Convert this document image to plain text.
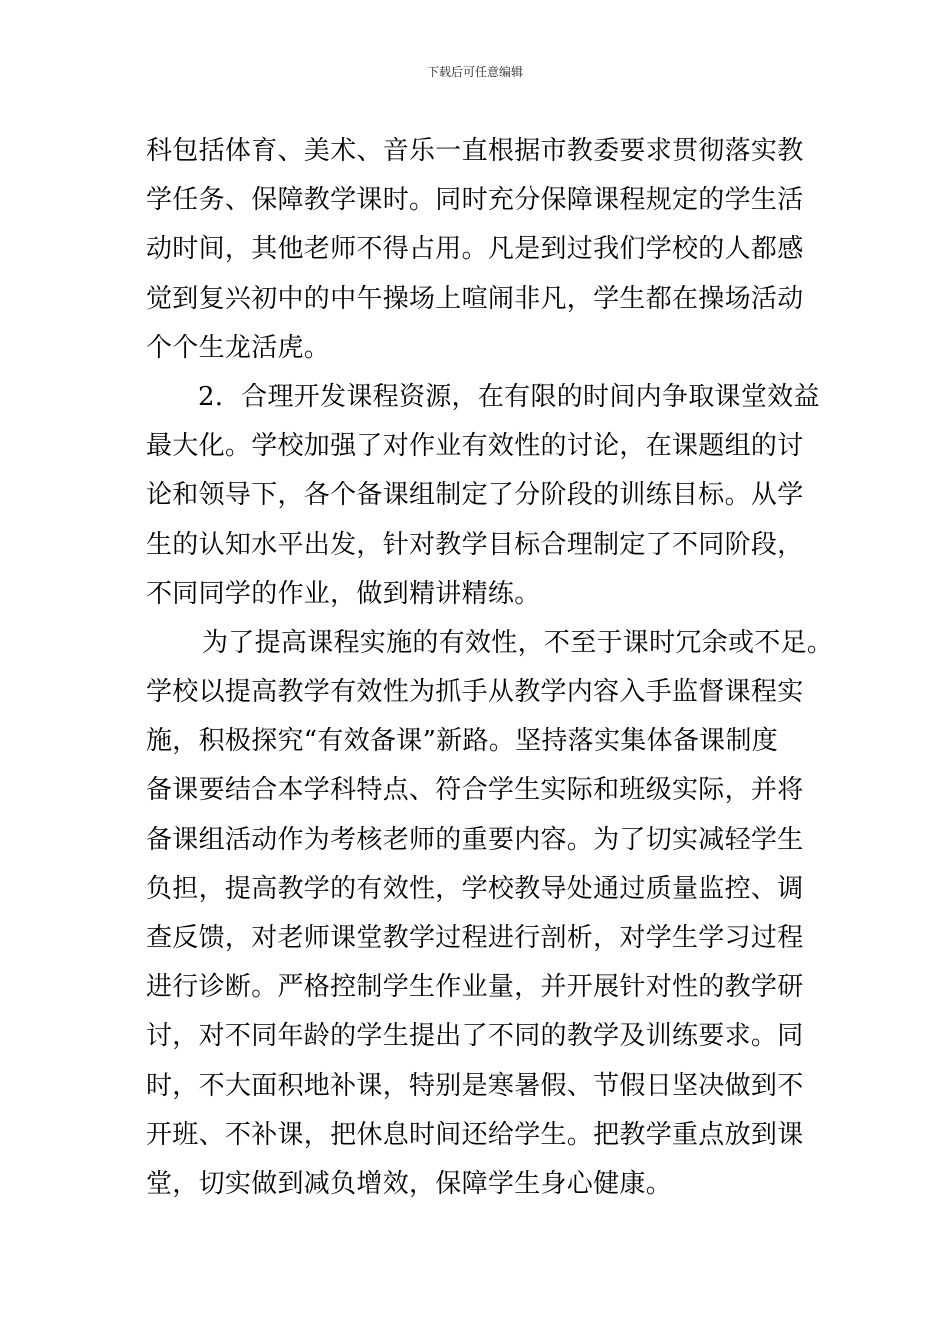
下载后可任意编辑
科包括体育、美术、音乐一直根据市教委要求贯彻落实教
学任务、保障教学课时。同时充分保障课程规定的学生活
动时间，其他老师不得占用。凡是到过我们学校的人都感
觉到复兴初中的中午操场上喧闹非凡，学生都在操场活动
个个生龙活虎。
2．合理开发课程资源，在有限的时间内争取课堂效益
最大化。学校加强了对作业有效性的讨论，在课题组的讨
论和领导下，各个备课组制定了分阶段的训练目标。从学
生的认知水平出发，针对教学目标合理制定了不同阶段，
不同同学的作业，做到精讲精练。
为了提高课程实施的有效性，不至于课时冗余或不足。
学校以提高教学有效性为抓手从教学内容入手监督课程实
施，积极探究“有效备课”新路。坚持落实集体备课制度
备课要结合本学科特点、符合学生实际和班级实际，并将
备课组活动作为考核老师的重要内容。为了切实减轻学生
负担，提高教学的有效性，学校教导处通过质量监控、调
查反馈，对老师课堂教学过程进行剖析，对学生学习过程
进行诊断。严格控制学生作业量，并开展针对性的教学研
讨，对不同年龄的学生提出了不同的教学及训练要求。同
时，不大面积地补课，特别是寒暑假、节假日坚决做到不
开班、不补课，把休息时间还给学生。把教学重点放到课
堂，切实做到减负增效，保障学生身心健康。
